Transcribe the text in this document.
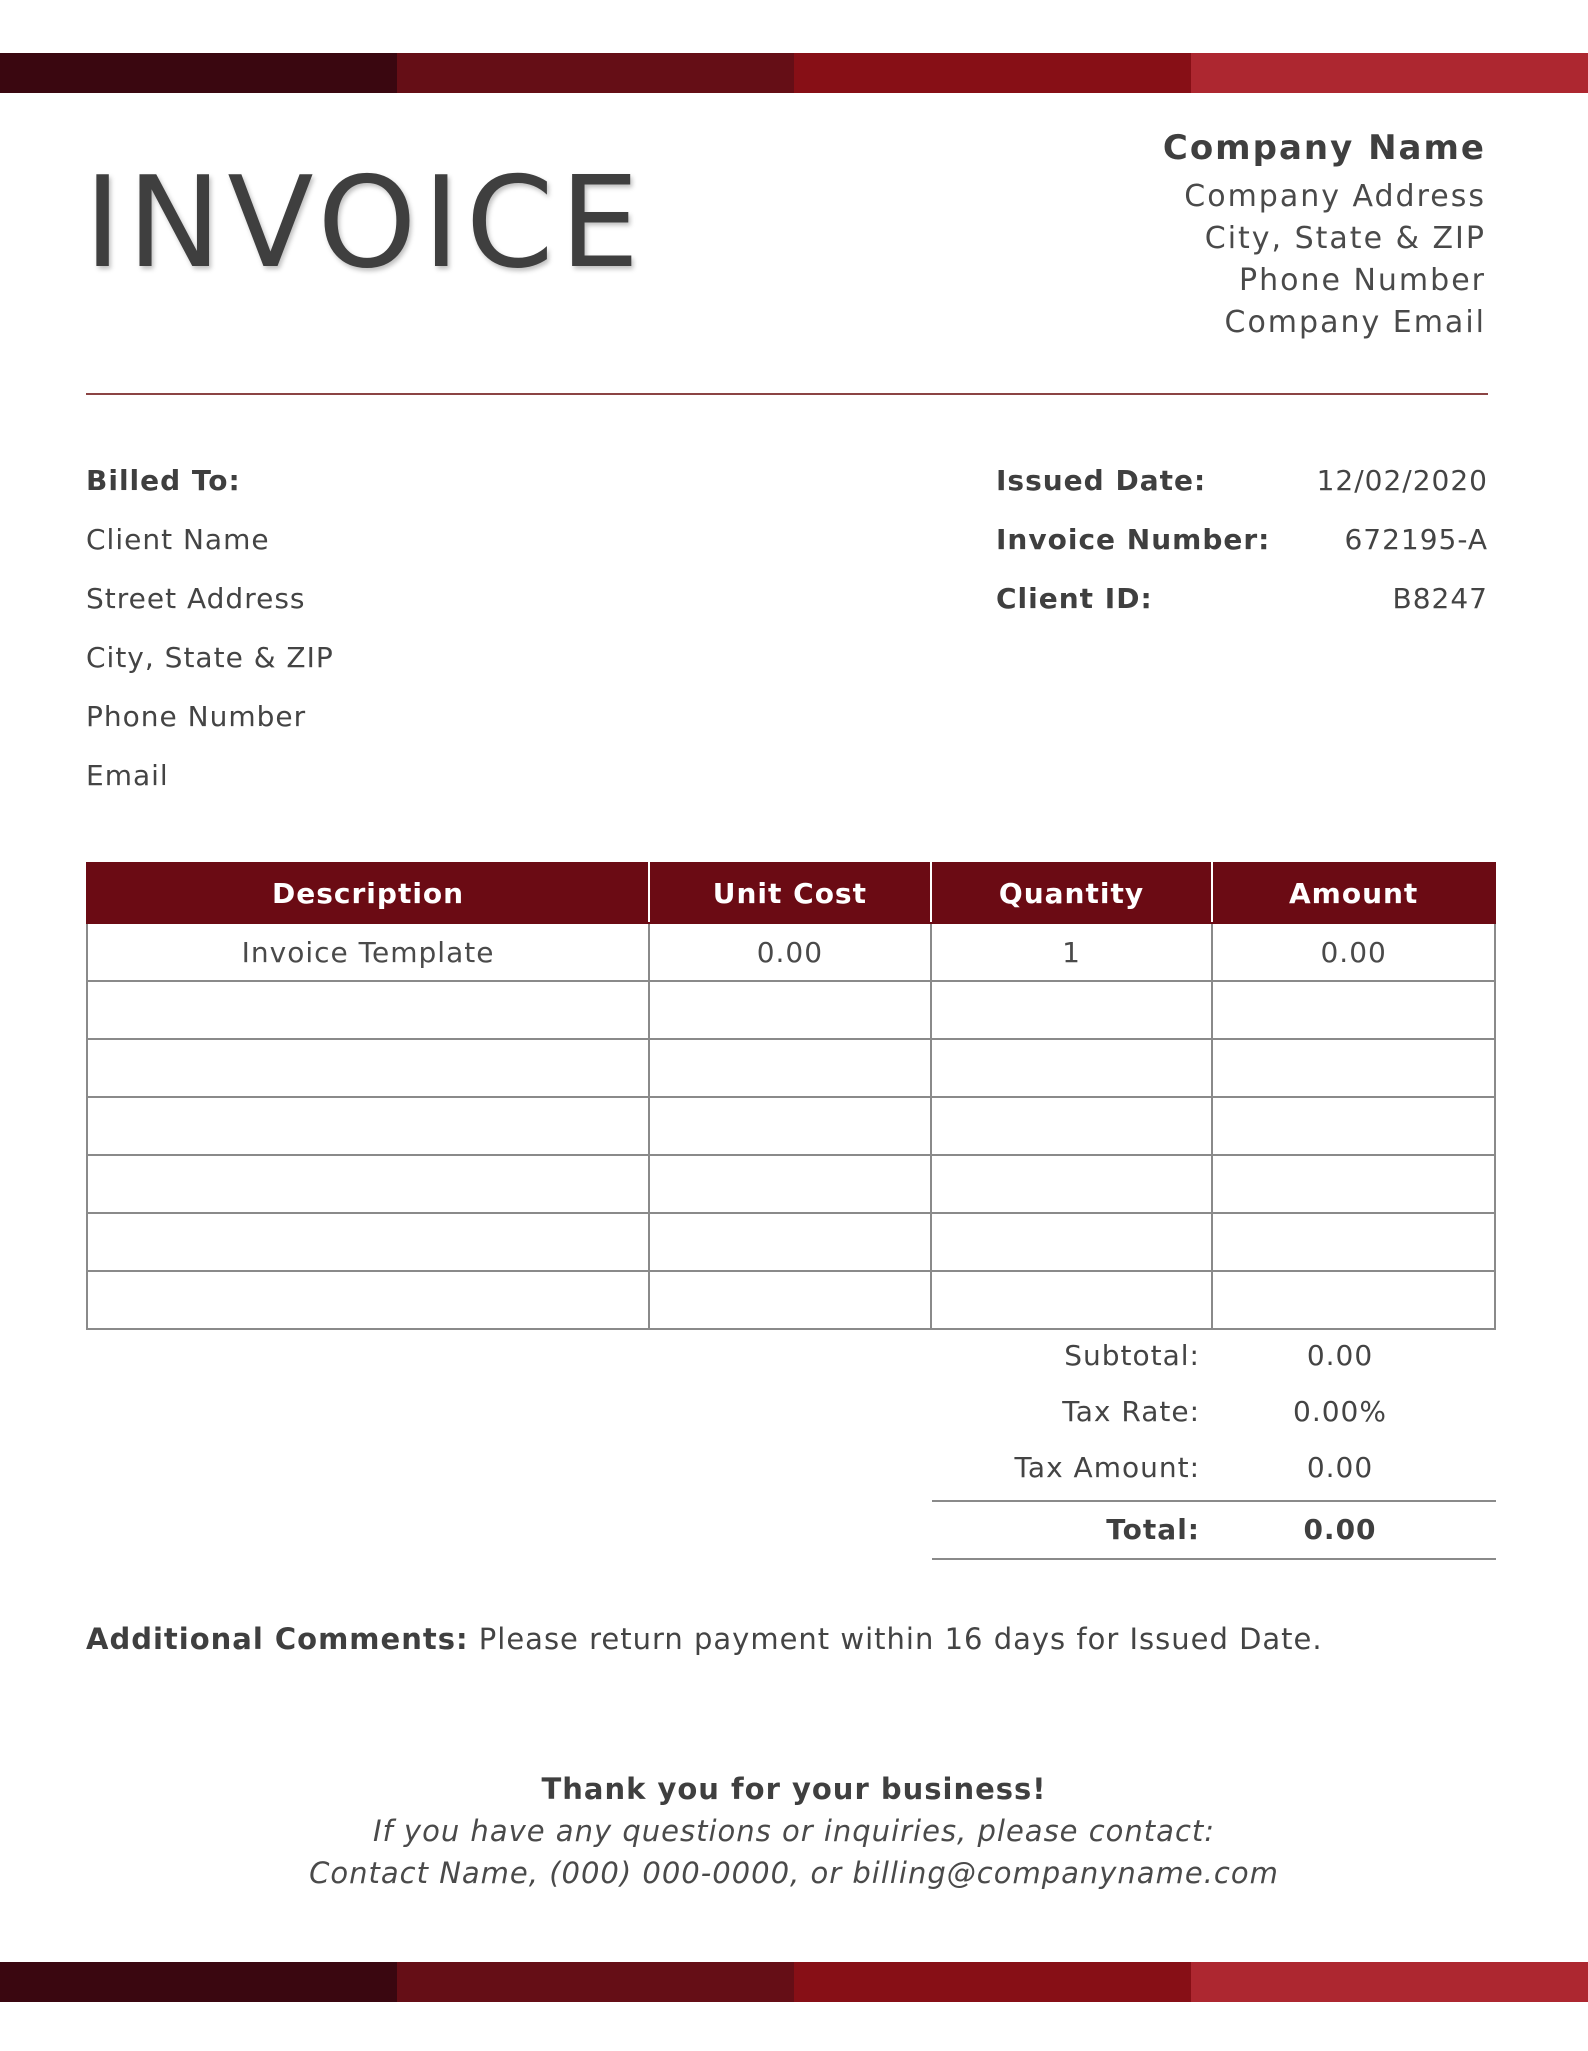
INVOICE
Company Name
Company Address
City, State & ZIP
Phone Number
Company Email
Billed To:
Client Name
Street Address
City, State & ZIP
Phone Number
Email
Issued Date:	12/02/2020
Invoice Number:	672195-A
Client ID:	B8247
Description	Unit Cost	Quantity	Amount
Invoice Template	0.00	1	0.00

Subtotal:	0.00
Tax Rate:	0.00%
Tax Amount:	0.00
Total:	0.00
Additional Comments: Please return payment within 16 days for Issued Date.
Thank you for your business!
If you have any questions or inquiries, please contact:
Contact Name, (000) 000-0000, or billing@companyname.com
